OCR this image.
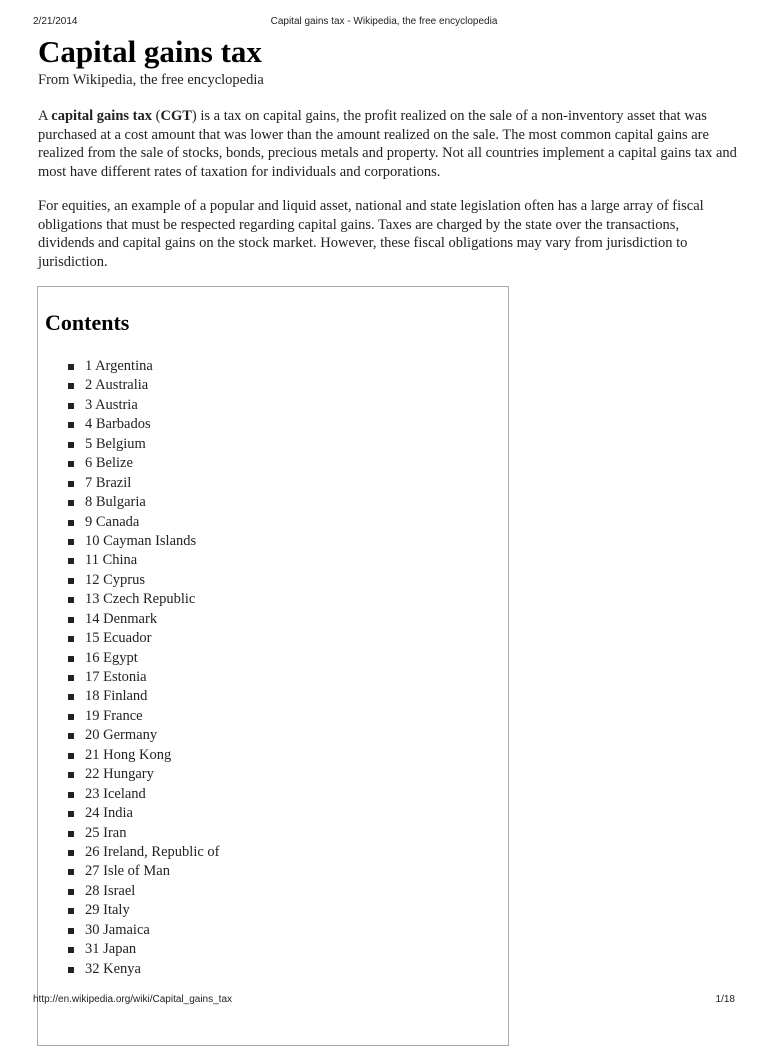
2/21/2014	Capital gains tax - Wikipedia, the free encyclopedia
Capital gains tax
From Wikipedia, the free encyclopedia

A capital gains tax (CGT) is a tax on capital gains, the profit realized on the sale of a non-inventory asset that was purchased at a cost amount that was lower than the amount realized on the sale. The most common capital gains are realized from the sale of stocks, bonds, precious metals and property. Not all countries implement a capital gains tax and most have different rates of taxation for individuals and corporations.

For equities, an example of a popular and liquid asset, national and state legislation often has a large array of fiscal obligations that must be respected regarding capital gains. Taxes are charged by the state over the transactions, dividends and capital gains on the stock market. However, these fiscal obligations may vary from jurisdiction to jurisdiction.

Contents
1 Argentina
2 Australia
3 Austria
4 Barbados
5 Belgium
6 Belize
7 Brazil
8 Bulgaria
9 Canada
10 Cayman Islands
11 China
12 Cyprus
13 Czech Republic
14 Denmark
15 Ecuador
16 Egypt
17 Estonia
18 Finland
19 France
20 Germany
21 Hong Kong
22 Hungary
23 Iceland
24 India
25 Iran
26 Ireland, Republic of
27 Isle of Man
28 Israel
29 Italy
30 Jamaica
31 Japan
32 Kenya
http://en.wikipedia.org/wiki/Capital_gains_tax	1/18
